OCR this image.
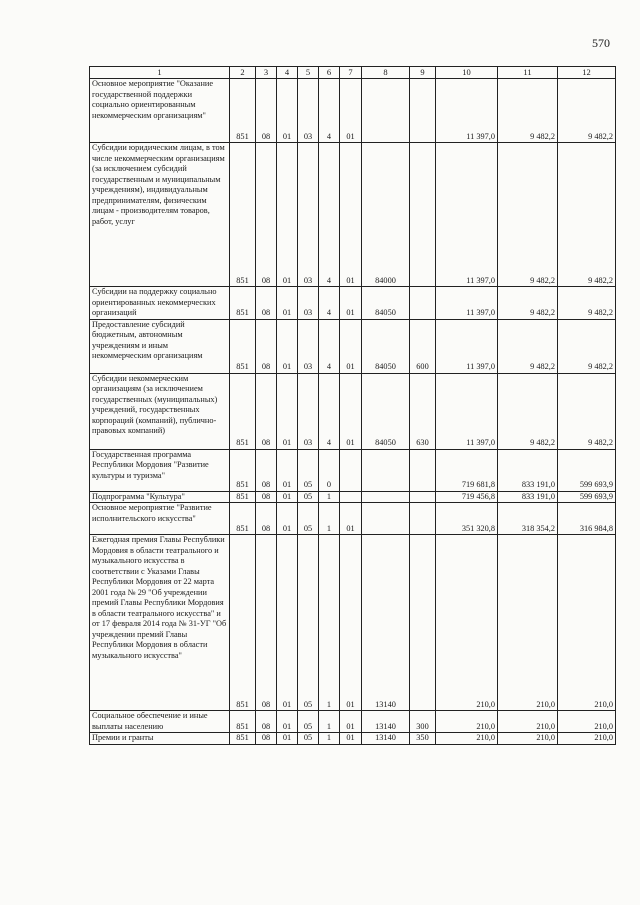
570
1	2	3	4	5	6	7	8	9	10	11	12
Основное мероприятие "Оказание государственной поддержки социально ориентированным некоммерческим организациям"	851	08	01	03	4	01			11 397,0	9 482,2	9 482,2
Субсидии юридическим лицам, в том числе некоммерческим организациям (за исключением субсидий государственным и муниципальным учреждениям), индивидуальным предпринимателям, физическим лицам - производителям товаров, работ, услуг	851	08	01	03	4	01	84000		11 397,0	9 482,2	9 482,2
Субсидии на поддержку социально ориентированных некоммерческих организаций	851	08	01	03	4	01	84050		11 397,0	9 482,2	9 482,2
Предоставление субсидий бюджетным, автономным учреждениям и иным некоммерческим организациям	851	08	01	03	4	01	84050	600	11 397,0	9 482,2	9 482,2
Субсидии некоммерческим организациям (за исключением государственных (муниципальных) учреждений, государственных корпораций (компаний), публично-правовых компаний)	851	08	01	03	4	01	84050	630	11 397,0	9 482,2	9 482,2
Государственная программа Республики Мордовия "Развитие культуры и туризма"	851	08	01	05	0				719 681,8	833 191,0	599 693,9
Подпрограмма "Культура"	851	08	01	05	1				719 456,8	833 191,0	599 693,9
Основное мероприятие "Развитие исполнительского искусства"	851	08	01	05	1	01			351 320,8	318 354,2	316 984,8
Ежегодная премия Главы Республики Мордовия в области театрального и музыкального искусства в соответствии с Указами Главы Республики Мордовия от 22 марта 2001 года № 29 "Об учреждении премий Главы Республики Мордовия в области театрального искусства" и от 17 февраля 2014 года № 31-УГ "Об учреждении премий Главы Республики Мордовия в области музыкального искусства"	851	08	01	05	1	01	13140		210,0	210,0	210,0
Социальное обеспечение и иные выплаты населению	851	08	01	05	1	01	13140	300	210,0	210,0	210,0
Премии и гранты	851	08	01	05	1	01	13140	350	210,0	210,0	210,0
